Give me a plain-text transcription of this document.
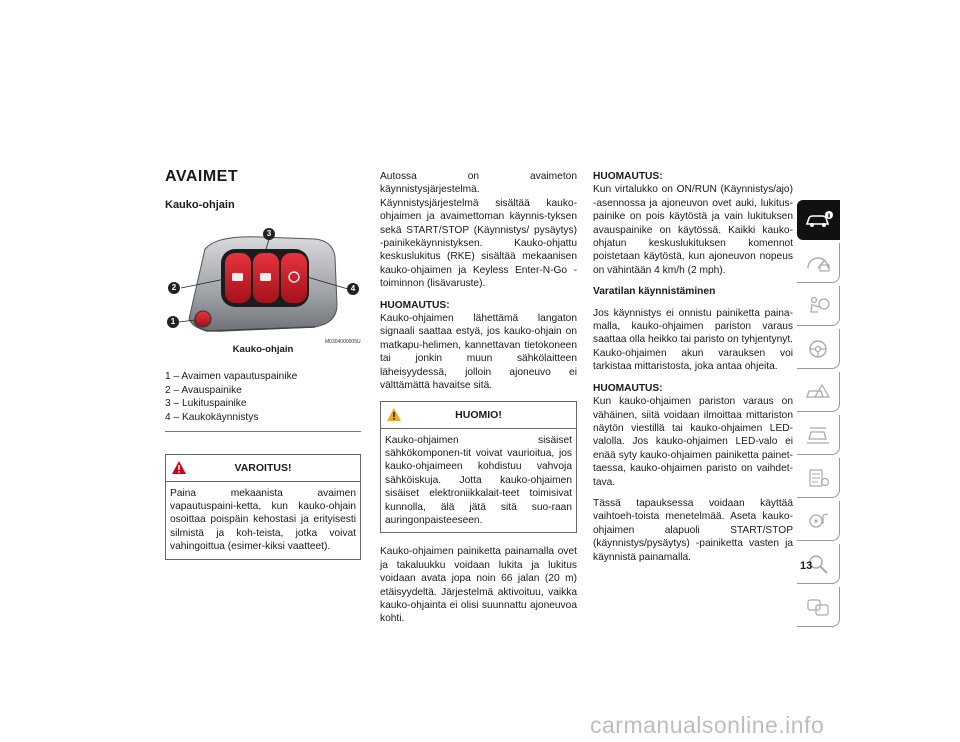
AVAIMET
Kauko-ohjain
M0304000005US
1
2
3
4
Kauko-ohjain
1 – Avaimen vapautuspainike
2 – Avauspainike
3 – Lukituspainike
4 – Kaukokäynnistys
VAROITUS!
Paina mekaanista avaimen vapautuspaini-ketta, kun kauko-ohjain osoittaa poispäin kehostasi ja erityisesti silmistä ja koh-teista, jotka voivat vahingoittua (esimer-kiksi vaatteet).

Autossa on avaimeton käynnistysjärjestelmä. Käynnistysjärjestelmä sisältää kauko-ohjaimen ja avaimettoman käynnis-tyksen sekä START/STOP (Käynnistys/ pysäytys) -painikekäynnistyksen. Kauko-ohjattu keskuslukitus (RKE) sisältää mekaanisen kauko-ohjaimen ja Keyless Enter-N-Go -toiminnon (lisävaruste).

HUOMAUTUS:

Kauko-ohjaimen lähettämä langaton signaali saattaa estyä, jos kauko-ohjain on matkapu-helimen, kannettavan tietokoneen tai jonkin muun sähkölaitteen läheisyydessä, jolloin ajoneuvo ei välttämättä havaitse sitä.

HUOMIO!
Kauko-ohjaimen sisäiset sähkökomponen-tit voivat vaurioitua, jos kauko-ohjaimeen kohdistuu vahvoja sähköiskuja. Jotta kauko-ohjaimen sisäiset elektroniikkalait-teet toimisivat kunnolla, älä jätä sitä suo-raan auringonpaisteeseen.

Kauko-ohjaimen painiketta painamalla ovet ja takaluukku voidaan lukita ja lukitus voidaan avata jopa noin 66 jalan (20 m) etäisyydeltä. Järjestelmä aktivoituu, vaikka kauko-ohjainta ei olisi suunnattu ajoneuvoa kohti.

HUOMAUTUS:

Kun virtalukko on ON/RUN (Käynnistys/ajo) -asennossa ja ajoneuvon ovet auki, lukitus-painike on pois käytöstä ja vain lukituksen avauspainike on käytössä. Kaikki kauko-ohjatun keskuslukituksen komennot poistetaan käytöstä, kun ajoneuvon nopeus on vähintään 4 km/h (2 mph).

Varatilan käynnistäminen

Jos käynnistys ei onnistu painiketta paina-malla, kauko-ohjaimen pariston varaus saattaa olla heikko tai paristo on tyhjentynyt. Kauko-ohjaimen akun varauksen voi tarkistaa mittaristosta, joka antaa ohjeita.

HUOMAUTUS:

Kun kauko-ohjaimen pariston varaus on vähäinen, siitä voidaan ilmoittaa mittariston näytön viestillä tai kauko-ohjaimen LED-valolla. Jos kauko-ohjaimen LED-valo ei enää syty kauko-ohjaimen painiketta painet-taessa, kauko-ohjaimen paristo on vaihdet-tava.

Tässä tapauksessa voidaan käyttää vaihtoeh-toista menetelmää. Aseta kauko-ohjaimen alapuoli START/STOP (käynnistys/pysäytys) -painiketta vasten ja käynnistä painamalla.

13
carmanualsonline.info
